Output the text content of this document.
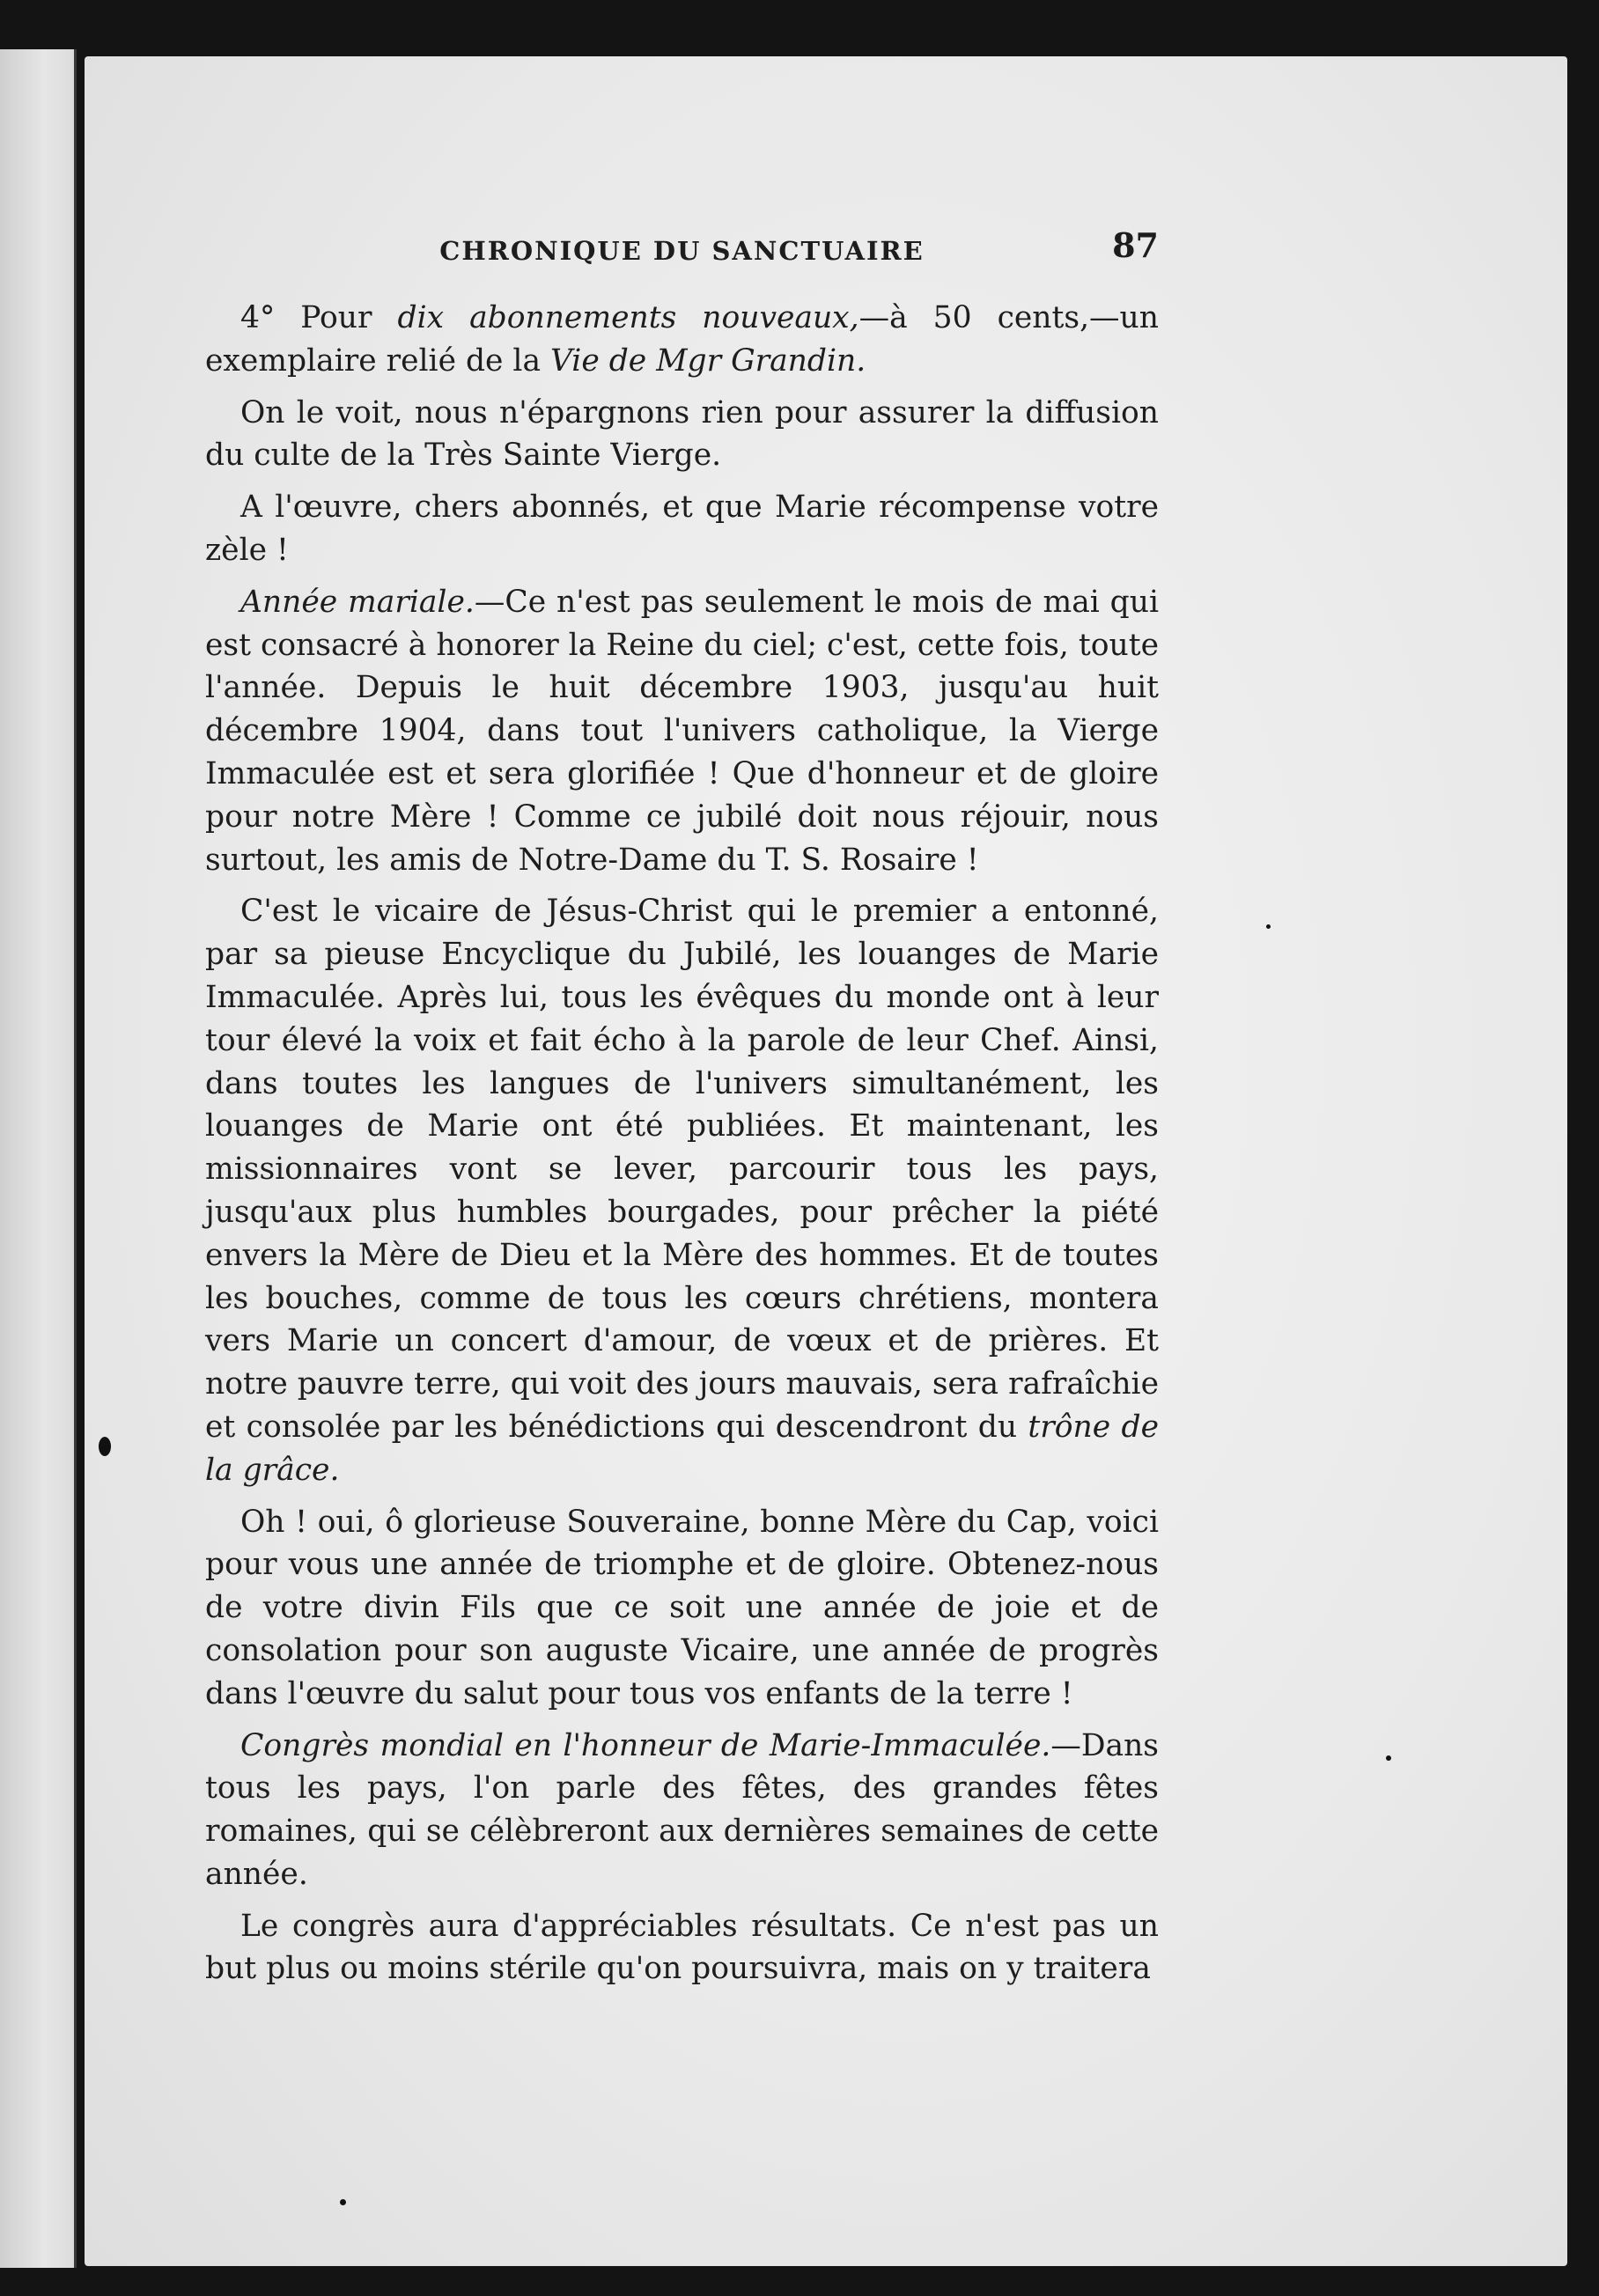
CHRONIQUE DU SANCTUAIRE	87

4° Pour dix abonnements nouveaux,—à 50 cents,—un exemplaire relié de la Vie de Mgr Grandin.

On le voit, nous n'épargnons rien pour assurer la diffusion du culte de la Très Sainte Vierge.

A l'œuvre, chers abonnés, et que Marie récompense votre zèle !

Année mariale.—Ce n'est pas seulement le mois de mai qui est consacré à honorer la Reine du ciel; c'est, cette fois, toute l'année. Depuis le huit décembre 1903, jusqu'au huit décembre 1904, dans tout l'univers catholique, la Vierge Immaculée est et sera glorifiée ! Que d'honneur et de gloire pour notre Mère ! Comme ce jubilé doit nous réjouir, nous surtout, les amis de Notre-Dame du T. S. Rosaire !

C'est le vicaire de Jésus-Christ qui le premier a entonné, par sa pieuse Encyclique du Jubilé, les louanges de Marie Immaculée. Après lui, tous les évêques du monde ont à leur tour élevé la voix et fait écho à la parole de leur Chef. Ainsi, dans toutes les langues de l'univers simultanément, les louanges de Marie ont été publiées. Et maintenant, les missionnaires vont se lever, parcourir tous les pays, jusqu'aux plus humbles bourgades, pour prêcher la piété envers la Mère de Dieu et la Mère des hommes. Et de toutes les bouches, comme de tous les cœurs chrétiens, montera vers Marie un concert d'amour, de vœux et de prières. Et notre pauvre terre, qui voit des jours mauvais, sera rafraîchie et consolée par les bénédictions qui descendront du trône de la grâce.

Oh ! oui, ô glorieuse Souveraine, bonne Mère du Cap, voici pour vous une année de triomphe et de gloire. Obtenez-nous de votre divin Fils que ce soit une année de joie et de consolation pour son auguste Vicaire, une année de progrès dans l'œuvre du salut pour tous vos enfants de la terre !

Congrès mondial en l'honneur de Marie-Immaculée.—Dans tous les pays, l'on parle des fêtes, des grandes fêtes romaines, qui se célèbreront aux dernières semaines de cette année.

Le congrès aura d'appréciables résultats. Ce n'est pas un but plus ou moins stérile qu'on poursuivra, mais on y traitera
